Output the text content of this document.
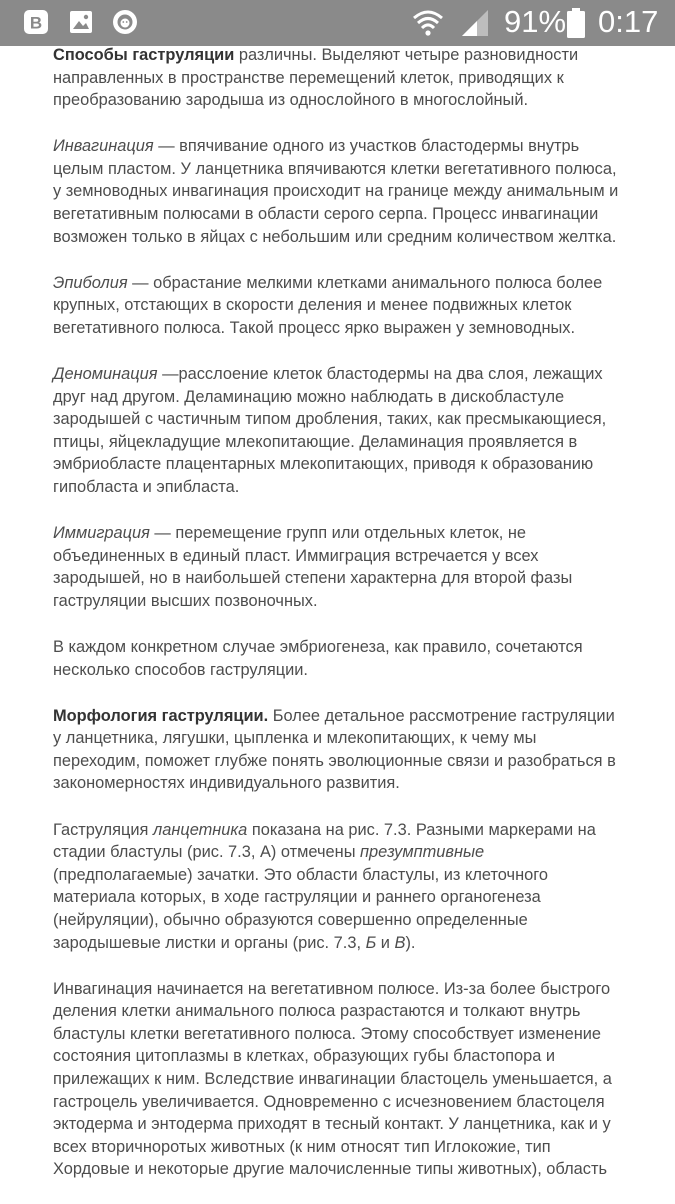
В	91% 0:17

Способы гаструляции различны. Выделяют четыре разновидности направленных в пространстве перемещений клеток, приводящих к преобразованию зародыша из однослойного в многослойный.

Инвагинация — впячивание одного из участков бластодермы внутрь целым пластом. У ланцетника впячиваются клетки вегетативного полюса, у земноводных инвагинация происходит на границе между анимальным и вегетативным полюсами в области серого серпа. Процесс инвагинации возможен только в яйцах с небольшим или средним количеством желтка.

Эпиболия — обрастание мелкими клетками анимального полюса более крупных, отстающих в скорости деления и менее подвижных клеток вегетативного полюса. Такой процесс ярко выражен у земноводных.

Деноминация —расслоение клеток бластодермы на два слоя, лежащих друг над другом. Деламинацию можно наблюдать в дискобластуле зародышей с частичным типом дробления, таких, как пресмыкающиеся, птицы, яйцекладущие млекопитающие. Деламинация проявляется в эмбриобласте плацентарных млекопитающих, приводя к образованию гипобласта и эпибласта.

Иммиграция — перемещение групп или отдельных клеток, не объединенных в единый пласт. Иммиграция встречается у всех зародышей, но в наибольшей степени характерна для второй фазы гаструляции высших позвоночных.

В каждом конкретном случае эмбриогенеза, как правило, сочетаются несколько способов гаструляции.

Морфология гаструляции. Более детальное рассмотрение гаструляции у ланцетника, лягушки, цыпленка и млекопитающих, к чему мы переходим, поможет глубже понять эволюционные связи и разобраться в закономерностях индивидуального развития.

Гаструляция ланцетника показана на рис. 7.3. Разными маркерами на стадии бластулы (рис. 7.3, А) отмечены презумптивные (предполагаемые) зачатки. Это области бластулы, из клеточного материала которых, в ходе гаструляции и раннего органогенеза (нейруляции), обычно образуются совершенно определенные зародышевые листки и органы (рис. 7.3, Б и В).

Инвагинация начинается на вегетативном полюсе. Из-за более быстрого деления клетки анимального полюса разрастаются и толкают внутрь бластулы клетки вегетативного полюса. Этому способствует изменение состояния цитоплазмы в клетках, образующих губы бластопора и прилежащих к ним. Вследствие инвагинации бластоцель уменьшается, а гастроцель увеличивается. Одновременно с исчезновением бластоцеля эктодерма и энтодерма приходят в тесный контакт. У ланцетника, как и у всех вторичноротых животных (к ним относят тип Иглокожие, тип Хордовые и некоторые другие малочисленные типы животных), область
